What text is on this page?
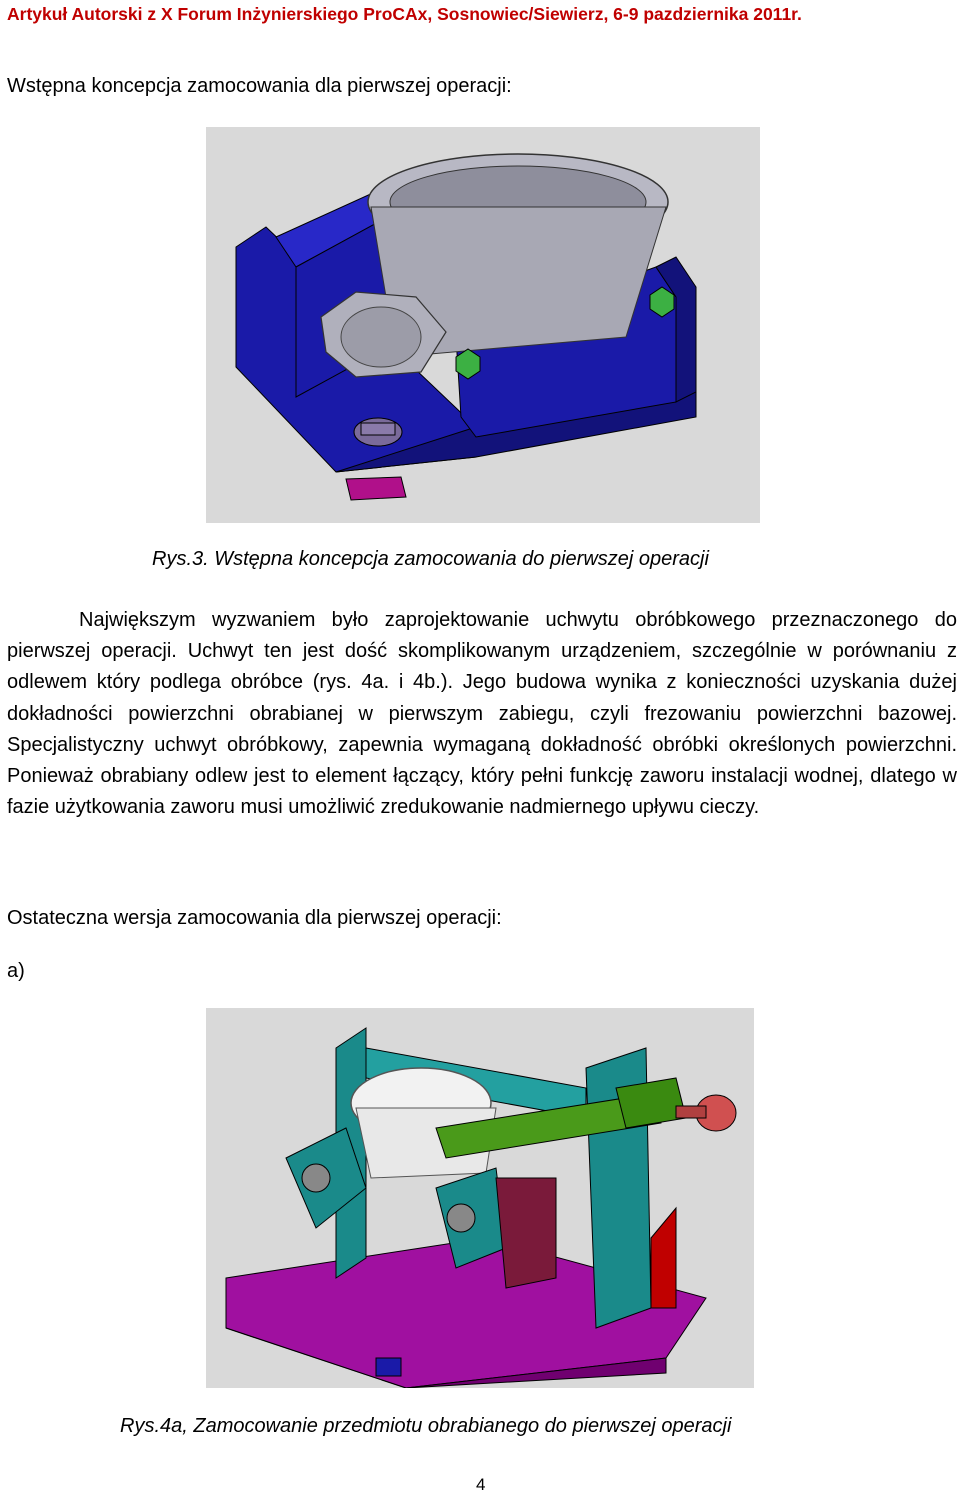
Artykuł Autorski z X Forum Inżynierskiego ProCAx, Sosnowiec/Siewierz, 6-9 pazdziernika 2011r.
Wstępna koncepcja zamocowania dla pierwszej operacji:
Rys.3. Wstępna koncepcja zamocowania do pierwszej operacji
Największym wyzwaniem było zaprojektowanie uchwytu obróbkowego przeznaczonego do pierwszej operacji. Uchwyt ten jest dość skomplikowanym urządzeniem, szczególnie w porównaniu z odlewem który podlega obróbce (rys. 4a. i 4b.). Jego budowa wynika z konieczności uzyskania dużej dokładności powierzchni obrabianej w pierwszym zabiegu, czyli frezowaniu powierzchni bazowej. Specjalistyczny uchwyt obróbkowy, zapewnia wymaganą dokładność obróbki określonych powierzchni. Ponieważ obrabiany odlew jest to element łączący, który pełni funkcję zaworu instalacji wodnej, dlatego w fazie użytkowania zaworu musi umożliwić zredukowanie nadmiernego upływu cieczy.
Ostateczna wersja zamocowania dla pierwszej operacji:
a)
Rys.4a, Zamocowanie przedmiotu obrabianego do pierwszej operacji
4
